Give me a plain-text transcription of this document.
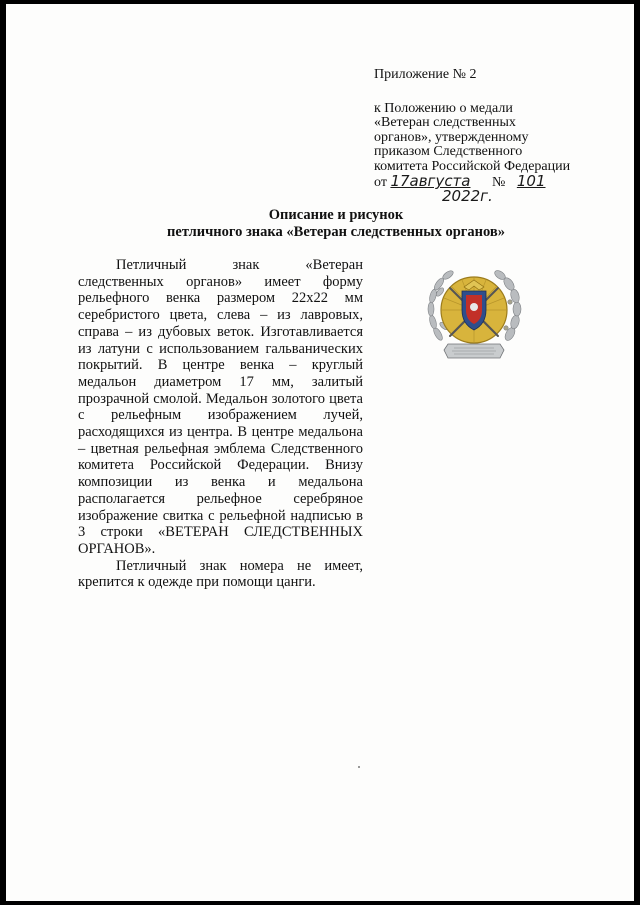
Приложение № 2
к Положению о медали
«Ветеран следственных
органов», утвержденному
приказом Следственного
комитета Российской Федерации
от 17августа № 101
2022г.
Описание и рисунок
петличного знака «Ветеран следственных органов»

Петличный знак «Ветеран следственных органов» имеет форму рельефного венка размером 22х22 мм серебристого цвета, слева – из лавровых, справа – из дубовых веток. Изготавливается из латуни с использованием гальванических покрытий. В центре венка – круглый медальон диаметром 17 мм, залитый прозрачной смолой. Медальон золотого цвета с рельефным изображением лучей, расходящихся из центра. В центре медальона – цветная рельефная эмблема Следственного комитета Российской Федерации. Внизу композиции из венка и медальона располагается рельефное серебряное изображение свитка с рельефной надписью в 3 строки «ВЕТЕРАН СЛЕДСТВЕННЫХ ОРГАНОВ».

Петличный знак номера не имеет, крепится к одежде при помощи цанги.
